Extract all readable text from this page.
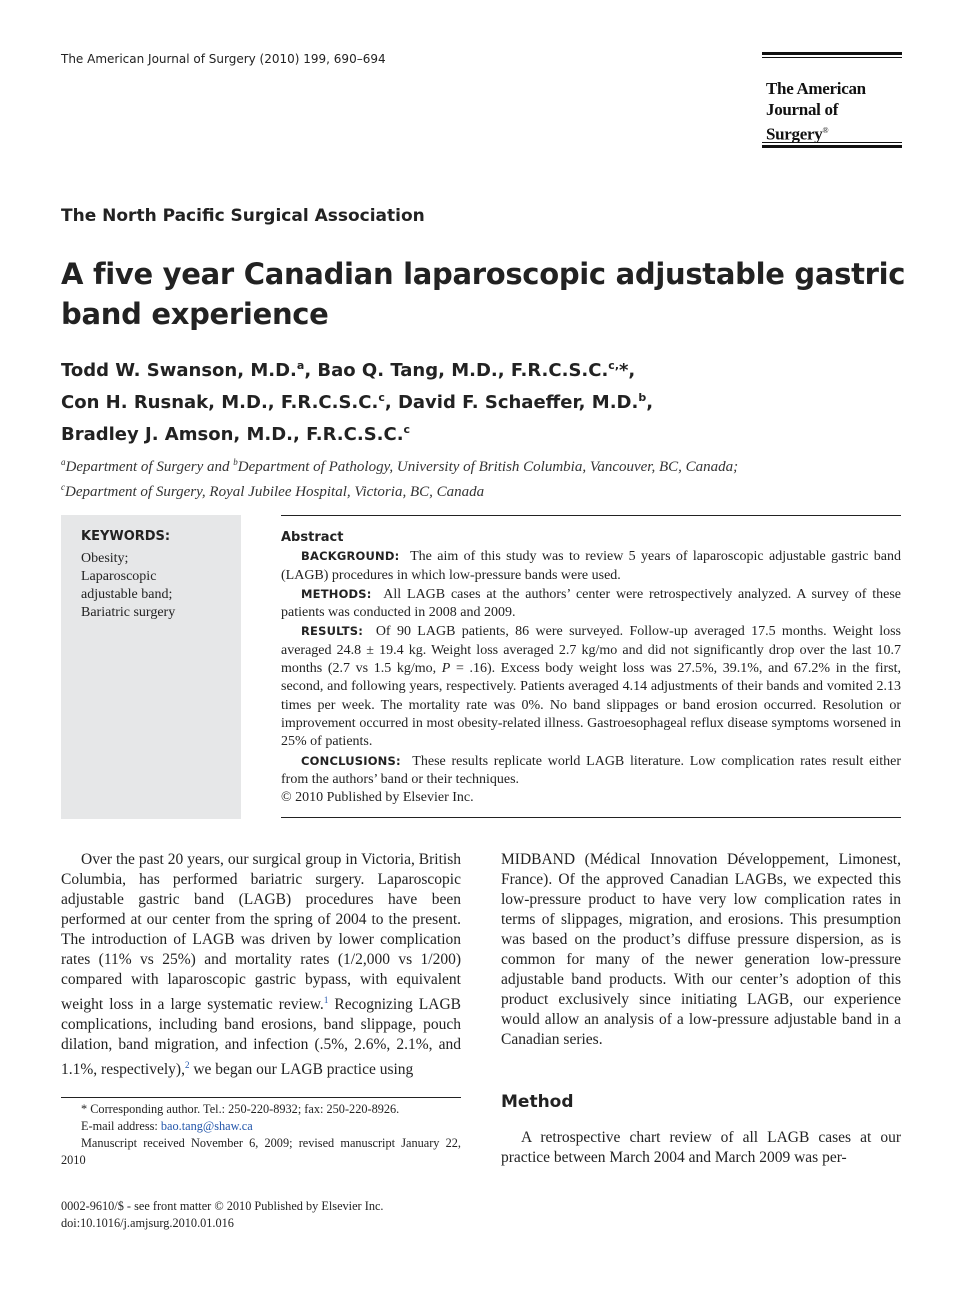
The American Journal of Surgery (2010) 199, 690–694
The American
Journal of Surgery®
The North Pacific Surgical Association
A five year Canadian laparoscopic adjustable gastric band experience
Todd W. Swanson, M.D.$^a$, Bao Q. Tang, M.D., F.R.C.S.C.$^{c,}$*,
Con H. Rusnak, M.D., F.R.C.S.C.$^c$, David F. Schaeffer, M.D.$^b$,
Bradley J. Amson, M.D., F.R.C.S.C.$^c$
$^a$Department of Surgery and $^b$Department of Pathology, University of British Columbia, Vancouver, BC, Canada;
$^c$Department of Surgery, Royal Jubilee Hospital, Victoria, BC, Canada
KEYWORDS:
Obesity;
Laparoscopic
adjustable band;
Bariatric surgery

Abstract

BACKGROUND: The aim of this study was to review 5 years of laparoscopic adjustable gastric band (LAGB) procedures in which low-pressure bands were used.

METHODS: All LAGB cases at the authors’ center were retrospectively analyzed. A survey of these patients was conducted in 2008 and 2009.

RESULTS: Of 90 LAGB patients, 86 were surveyed. Follow-up averaged 17.5 months. Weight loss averaged 24.8 ± 19.4 kg. Weight loss averaged 2.7 kg/mo and did not significantly drop over the last 10.7 months (2.7 vs 1.5 kg/mo, P = .16). Excess body weight loss was 27.5%, 39.1%, and 67.2% in the first, second, and following years, respectively. Patients averaged 4.14 adjustments of their bands and vomited 2.13 times per week. The mortality rate was 0%. No band slippages or band erosion occurred. Resolution or improvement occurred in most obesity-related illness. Gastroesophageal reflux disease symptoms worsened in 25% of patients.

CONCLUSIONS: These results replicate world LAGB literature. Low complication rates result either from the authors’ band or their techniques.

© 2010 Published by Elsevier Inc.

Over the past 20 years, our surgical group in Victoria, British Columbia, has performed bariatric surgery. Laparoscopic adjustable gastric band (LAGB) procedures have been performed at our center from the spring of 2004 to the present. The introduction of LAGB was driven by lower complication rates (11% vs 25%) and mortality rates (1/2,000 vs 1/200) compared with laparoscopic gastric bypass, with equivalent weight loss in a large systematic review.$^1$ Recognizing LAGB complications, including band erosions, band slippage, pouch dilation, band migration, and infection (.5%, 2.6%, 2.1%, and 1.1%, respectively),$^2$ we began our LAGB practice using

MIDBAND (Médical Innovation Développement, Limonest, France). Of the approved Canadian LAGBs, we expected this low-pressure product to have very low complication rates in terms of slippages, migration, and erosions. This presumption was based on the product’s diffuse pressure dispersion, as is common for many of the newer generation low-pressure adjustable band products. With our center’s adoption of this product exclusively since initiating LAGB, our experience would allow an analysis of a low-pressure adjustable band in a Canadian series.

Method

A retrospective chart review of all LAGB cases at our practice between March 2004 and March 2009 was per-

* Corresponding author. Tel.: 250-220-8932; fax: 250-220-8926.

E-mail address: bao.tang@shaw.ca

Manuscript received November 6, 2009; revised manuscript January 22, 2010

0002-9610/$ - see front matter © 2010 Published by Elsevier Inc.

doi:10.1016/j.amjsurg.2010.01.016
